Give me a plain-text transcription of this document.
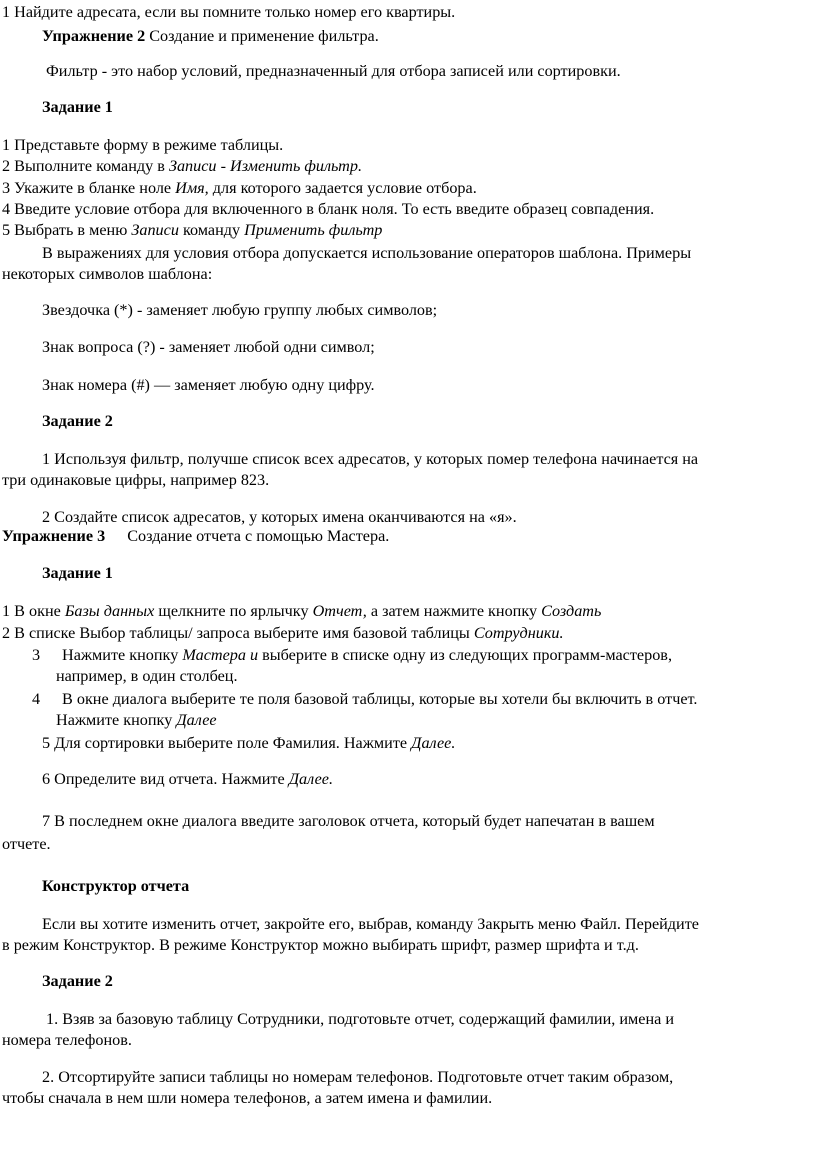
1 Найдите адресата, если вы помните только номер его квартиры.
Упражнение 2 Создание и применение фильтра.
Фильтр - это набор условий, предназначенный для отбора записей или сортировки.
Задание 1
1 Представьте форму в режиме таблицы.
2 Выполните команду в Записи - Изменить фильтр.
3 Укажите в бланке ноле Имя, для которого задается условие отбора.
4 Введите условие отбора для включенного в бланк ноля. То есть введите образец совпадения.
5 Выбрать в меню Записи команду Применить фильтр
В выражениях для условия отбора допускается использование операторов шаблона. Примеры
некоторых символов шаблона:
Звездочка (*) - заменяет любую группу любых символов;
Знак вопроса (?) - заменяет любой одни символ;
Знак номера (#) — заменяет любую одну цифру.
Задание 2
1 Используя фильтр, получше список всех адресатов, у которых помер телефона начинается на
три одинаковые цифры, например 823.
2 Создайте список адресатов, у которых имена оканчиваются на «я».
Упражнение 3 Создание отчета с помощью Мастера.
Задание 1
1 В окне Базы данных щелкните по ярлычку Отчет, а затем нажмите кнопку Создать
2 В списке Выбор таблицы/ запроса выберите имя базовой таблицы Сотрудники.
3 Нажмите кнопку Мастера и выберите в списке одну из следующих программ-мастеров,
например, в один столбец.
4 В окне диалога выберите те поля базовой таблицы, которые вы хотели бы включить в отчет.
Нажмите кнопку Далее
5 Для сортировки выберите поле Фамилия. Нажмите Далее.
6 Определите вид отчета. Нажмите Далее.
7 В последнем окне диалога введите заголовок отчета, который будет напечатан в вашем
отчете.
Конструктор отчета
Если вы хотите изменить отчет, закройте его, выбрав, команду Закрыть меню Файл. Перейдите
в режим Конструктор. В режиме Конструктор можно выбирать шрифт, размер шрифта и т.д.
Задание 2
1. Взяв за базовую таблицу Сотрудники, подготовьте отчет, содержащий фамилии, имена и
номера телефонов.
2. Отсортируйте записи таблицы но номерам телефонов. Подготовьте отчет таким образом,
чтобы сначала в нем шли номера телефонов, а затем имена и фамилии.
